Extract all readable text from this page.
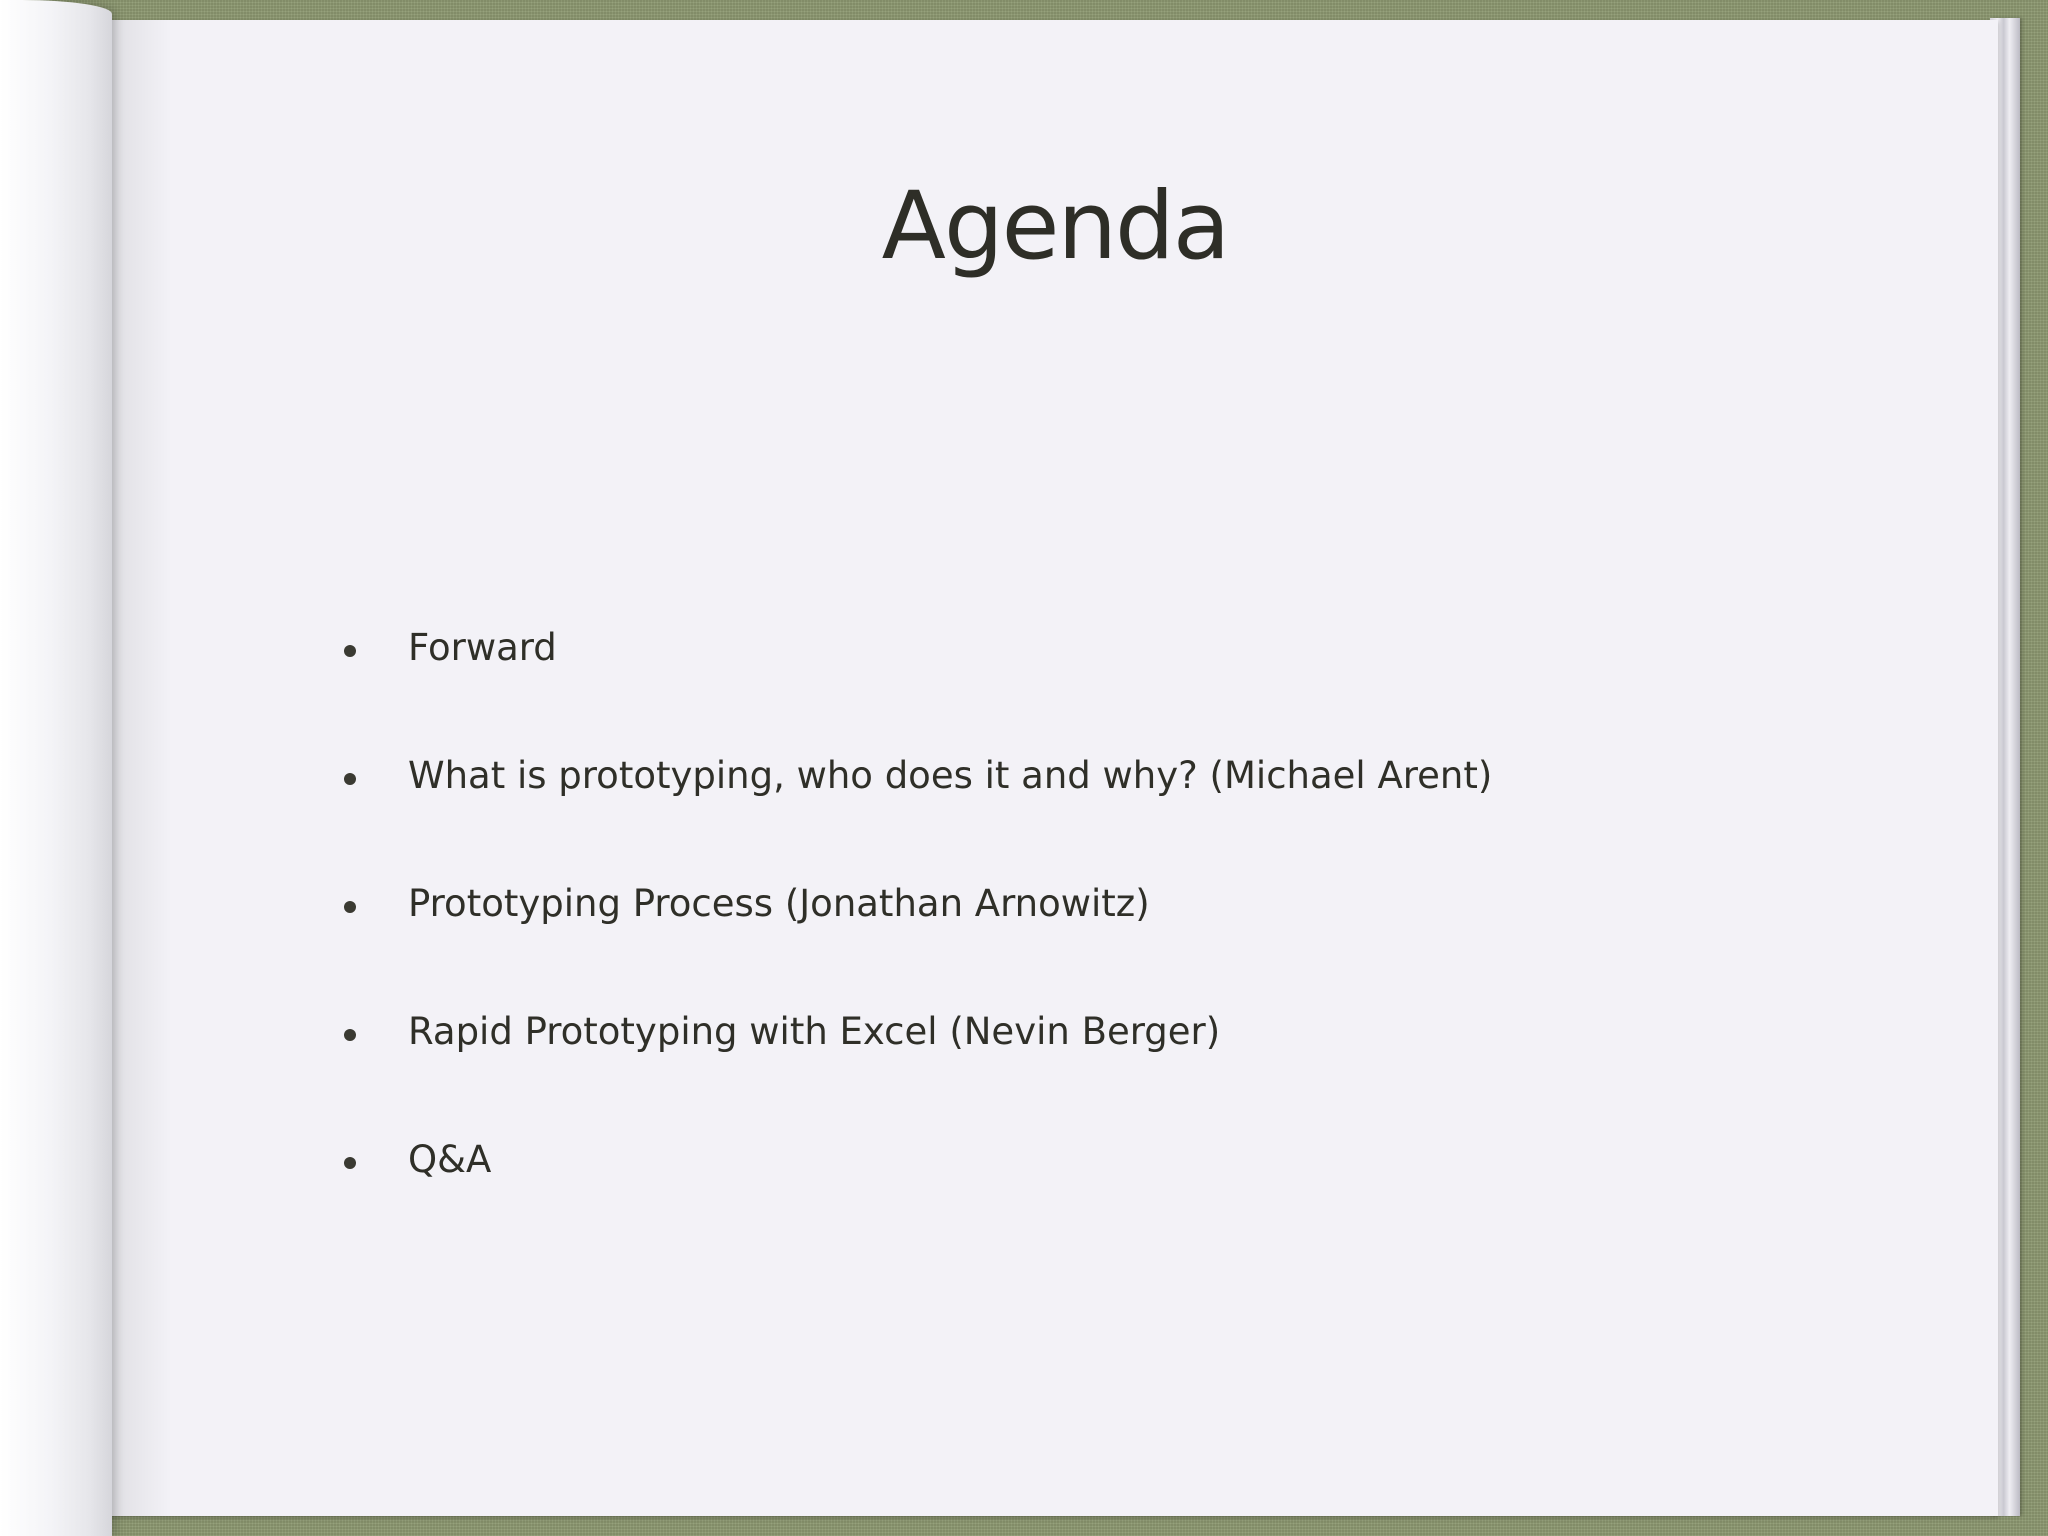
Agenda
Forward
What is prototyping, who does it and why? (Michael Arent)
Prototyping Process (Jonathan Arnowitz)
Rapid Prototyping with Excel (Nevin Berger)
Q&A
